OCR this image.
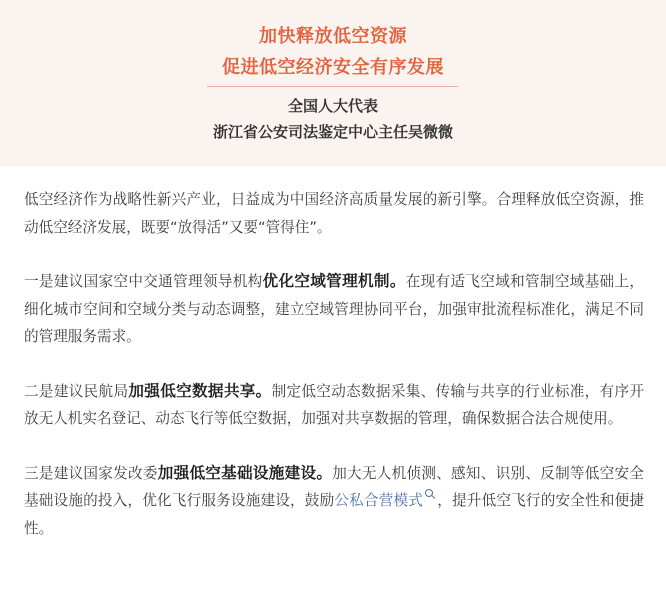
加快释放低空资源
促进低空经济安全有序发展
全国人大代表
浙江省公安司法鉴定中心主任吴微微

低空经济作为战略性新兴产业，日益成为中国经济高质量发展的新引擎。合理释放低空资源，推动低空经济发展，既要“放得活”又要“管得住”。

一是建议国家空中交通管理领导机构优化空域管理机制。在现有适飞空域和管制空域基础上，细化城市空间和空域分类与动态调整，建立空域管理协同平台，加强审批流程标准化，满足不同的管理服务需求。

二是建议民航局加强低空数据共享。制定低空动态数据采集、传输与共享的行业标准，有序开放无人机实名登记、动态飞行等低空数据，加强对共享数据的管理，确保数据合法合规使用。

三是建议国家发改委加强低空基础设施建设。加大无人机侦测、感知、识别、反制等低空安全基础设施的投入，优化飞行服务设施建设，鼓励公私合营模式 ，提升低空飞行的安全性和便捷性。
